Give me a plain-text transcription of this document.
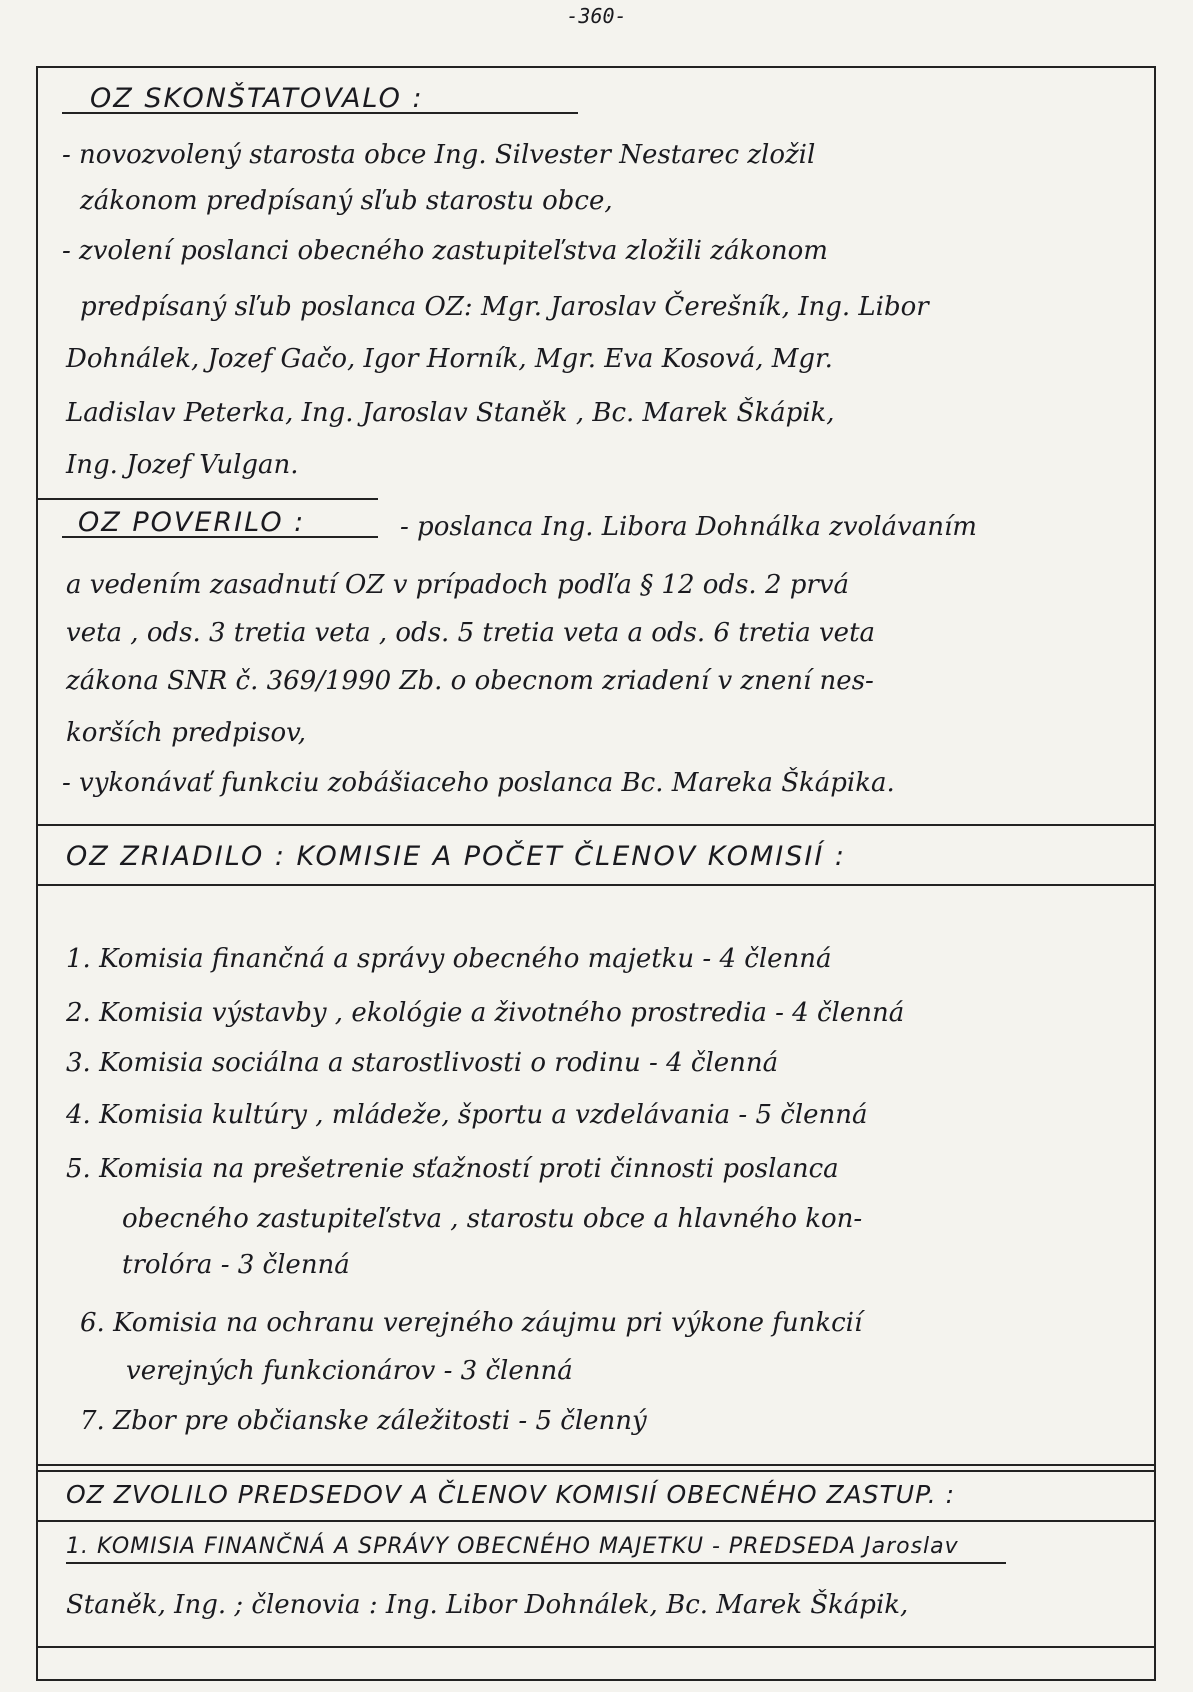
-360-
OZ SKONŠTATOVALO :
- novozvolený starosta obce Ing. Silvester Nestarec zložil
zákonom predpísaný sľub starostu obce,
- zvolení poslanci obecného zastupiteľstva zložili zákonom
predpísaný sľub poslanca OZ: Mgr. Jaroslav Čerešník, Ing. Libor
Dohnálek, Jozef Gačo, Igor Horník, Mgr. Eva Kosová, Mgr.
Ladislav Peterka, Ing. Jaroslav Staněk , Bc. Marek Škápik,
Ing. Jozef Vulgan.
OZ POVERILO :	- poslanca Ing. Libora Dohnálka zvolávaním
a vedením zasadnutí OZ v prípadoch podľa § 12 ods. 2 prvá
veta , ods. 3 tretia veta , ods. 5 tretia veta a ods. 6 tretia veta
zákona SNR č. 369/1990 Zb. o obecnom zriadení v znení nes-
korších predpisov,
- vykonávať funkciu zobášiaceho poslanca Bc. Mareka Škápika.
OZ ZRIADILO : KOMISIE A POČET ČLENOV KOMISIÍ :
1. Komisia finančná a správy obecného majetku - 4 členná
2. Komisia výstavby , ekológie a životného prostredia - 4 členná
3. Komisia sociálna a starostlivosti o rodinu - 4 členná
4. Komisia kultúry , mládeže, športu a vzdelávania - 5 členná
5. Komisia na prešetrenie sťažností proti činnosti poslanca
obecného zastupiteľstva , starostu obce a hlavného kon-
trolóra - 3 členná
6. Komisia na ochranu verejného záujmu pri výkone funkcií
verejných funkcionárov - 3 členná
7. Zbor pre občianske záležitosti - 5 členný
OZ ZVOLILO PREDSEDOV A ČLENOV KOMISIÍ OBECNÉHO ZASTUP. :
1. KOMISIA FINANČNÁ A SPRÁVY OBECNÉHO MAJETKU - PREDSEDA Jaroslav
Staněk, Ing. ; členovia : Ing. Libor Dohnálek, Bc. Marek Škápik,
